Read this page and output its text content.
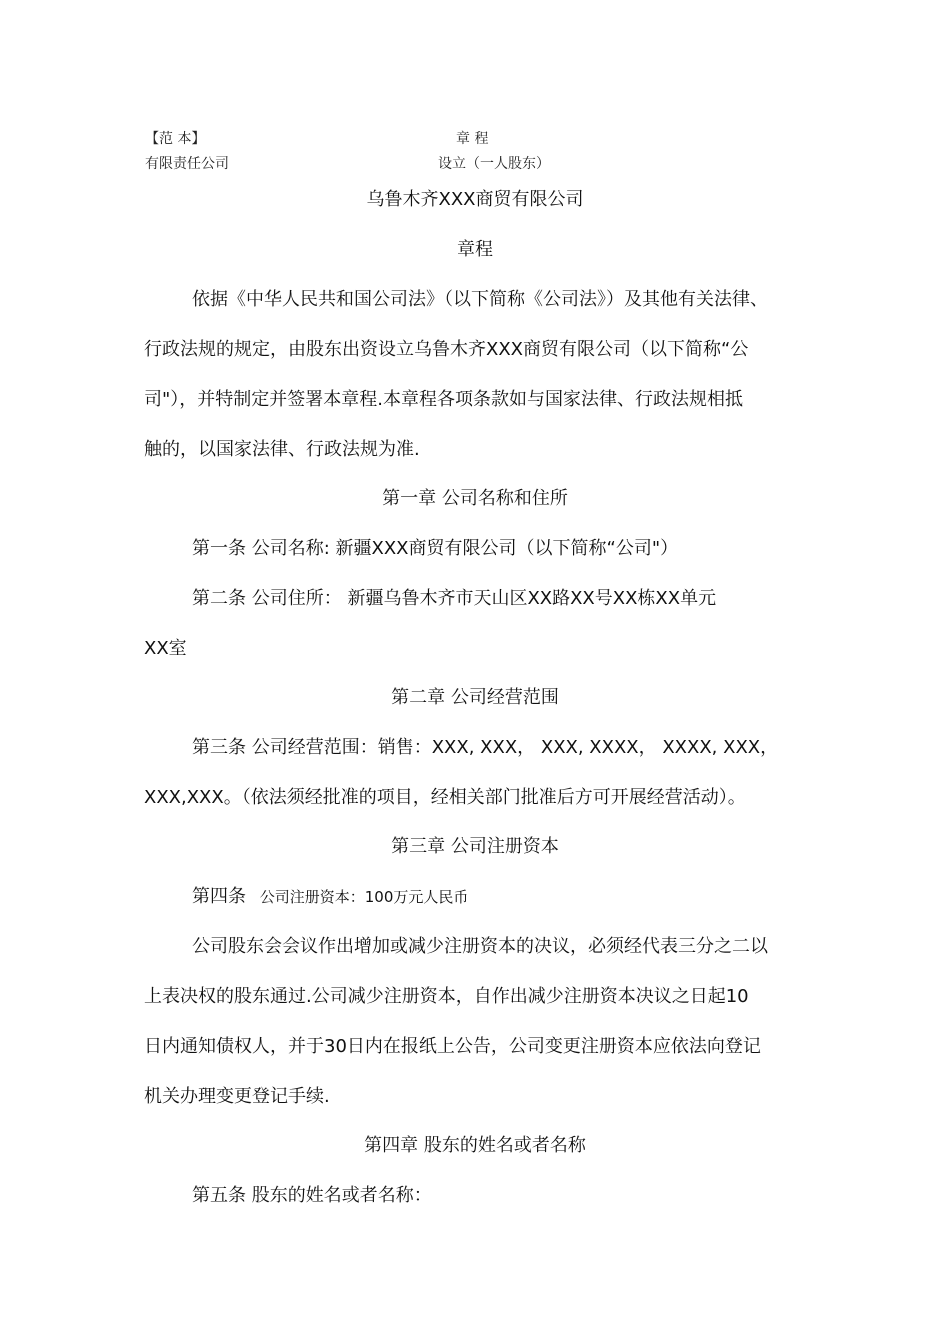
【范 本】	章 程
有限责任公司	设立（一人股东）
乌鲁木齐XXX商贸有限公司
章程
依据《中华人民共和国公司法》（以下简称《公司法》）及其他有关法律、
行政法规的规定，由股东出资设立乌鲁木齐XXX商贸有限公司（以下简称“公
司"），并特制定并签署本章程.本章程各项条款如与国家法律、行政法规相抵
触的，以国家法律、行政法规为准.
第一章 公司名称和住所
第一条 公司名称: 新疆XXX商贸有限公司（以下简称“公司"）
第二条 公司住所： 新疆乌鲁木齐市天山区XX路XX号XX栋XX单元
XX室
第二章 公司经营范围
第三条 公司经营范围：销售：XXX, XXX， XXX, XXXX， XXXX, XXX，
XXX,XXX。（依法须经批准的项目，经相关部门批准后方可开展经营活动）。
第三章 公司注册资本
第四条 公司注册资本：100万元人民币
公司股东会会议作出增加或减少注册资本的决议，必须经代表三分之二以
上表决权的股东通过.公司减少注册资本，自作出减少注册资本决议之日起10
日内通知债权人，并于30日内在报纸上公告，公司变更注册资本应依法向登记
机关办理变更登记手续.
第四章 股东的姓名或者名称
第五条 股东的姓名或者名称：
